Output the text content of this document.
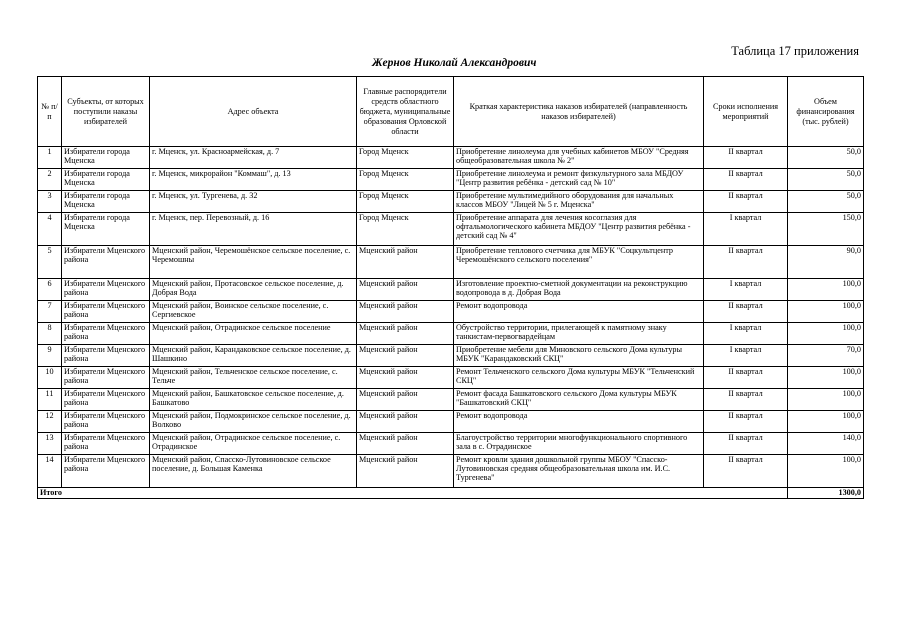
Таблица 17 приложения
Жернов Николай Александрович
№ п/п	Субъекты, от которых поступили наказы избирателей	Адрес объекта	Главные распорядители средств областного бюджета, муниципальные образования Орловской области	Краткая характеристика наказов избирателей (направленность наказов избирателей)	Сроки исполнения мероприятий	Объем финансирования (тыс. рублей)
1	Избиратели города Мценска	г. Мценск, ул. Красноармейская, д. 7	Город Мценск	Приобретение линолеума для учебных кабинетов МБОУ "Средняя общеобразовательная школа № 2"	II квартал	50,0
2	Избиратели города Мценска	г. Мценск, микрорайон "Коммаш", д. 13	Город Мценск	Приобретение линолеума и ремонт физкультурного зала МБДОУ "Центр развития ребёнка - детский сад № 10"	II квартал	50,0
3	Избиратели города Мценска	г. Мценск, ул. Тургенева, д. 32	Город Мценск	Приобретение мультимедийного оборудования для начальных классов МБОУ "Лицей № 5 г. Мценска"	II квартал	50,0
4	Избиратели города Мценска	г. Мценск, пер. Перевозный, д. 16	Город Мценск	Приобретение аппарата для лечения косоглазия для офтальмологического кабинета МБДОУ "Центр развития ребёнка - детский сад № 4"	I квартал	150,0
5	Избиратели Мценского района	Мценский район, Черемошёнское сельское поселение, с. Черемошны	Мценский район	Приобретение теплового счетчика для МБУК "Соцкультцентр Черемошёнского сельского поселения"	II квартал	90,0
6	Избиратели Мценского района	Мценский район, Протасовское сельское поселение, д. Добрая Вода	Мценский район	Изготовление проектно-сметной документации на реконструкцию водопровода в д. Добрая Вода	I квартал	100,0
7	Избиратели Мценского района	Мценский район, Воинское сельское поселение, с. Сергиевское	Мценский район	Ремонт водопровода	II квартал	100,0
8	Избиратели Мценского района	Мценский район, Отрадинское сельское поселение	Мценский район	Обустройство территории, прилегающей к памятному знаку танкистам-первогвардейцам	I квартал	100,0
9	Избиратели Мценского района	Мценский район, Карандаковское сельское поселение, д. Шашкино	Мценский район	Приобретение мебели для Миновского сельского Дома культуры МБУК "Карандаковский СКЦ"	I квартал	70,0
10	Избиратели Мценского района	Мценский район, Тельченское сельское поселение, с. Тельче	Мценский район	Ремонт Тельченского сельского Дома культуры МБУК "Тельченский СКЦ"	II квартал	100,0
11	Избиратели Мценского района	Мценский район, Башкатовское сельское поселение, д. Башкатово	Мценский район	Ремонт фасада Башкатовского сельского Дома культуры МБУК "Башкатовский СКЦ"	II квартал	100,0
12	Избиратели Мценского района	Мценский район, Подмокринское сельское поселение, д. Волково	Мценский район	Ремонт водопровода	II квартал	100,0
13	Избиратели Мценского района	Мценский район, Отрадинское сельское поселение, с. Отрадинское	Мценский район	Благоустройство территории многофункционального спортивного зала в с. Отрадинское	II квартал	140,0
14	Избиратели Мценского района	Мценский район, Спасско-Лутовиновское сельское поселение, д. Большая Каменка	Мценский район	Ремонт кровли здания дошкольной группы МБОУ "Спасско-Лутовиновская средняя общеобразовательная школа им. И.С. Тургенева"	II квартал	100,0
Итого						1300,0
